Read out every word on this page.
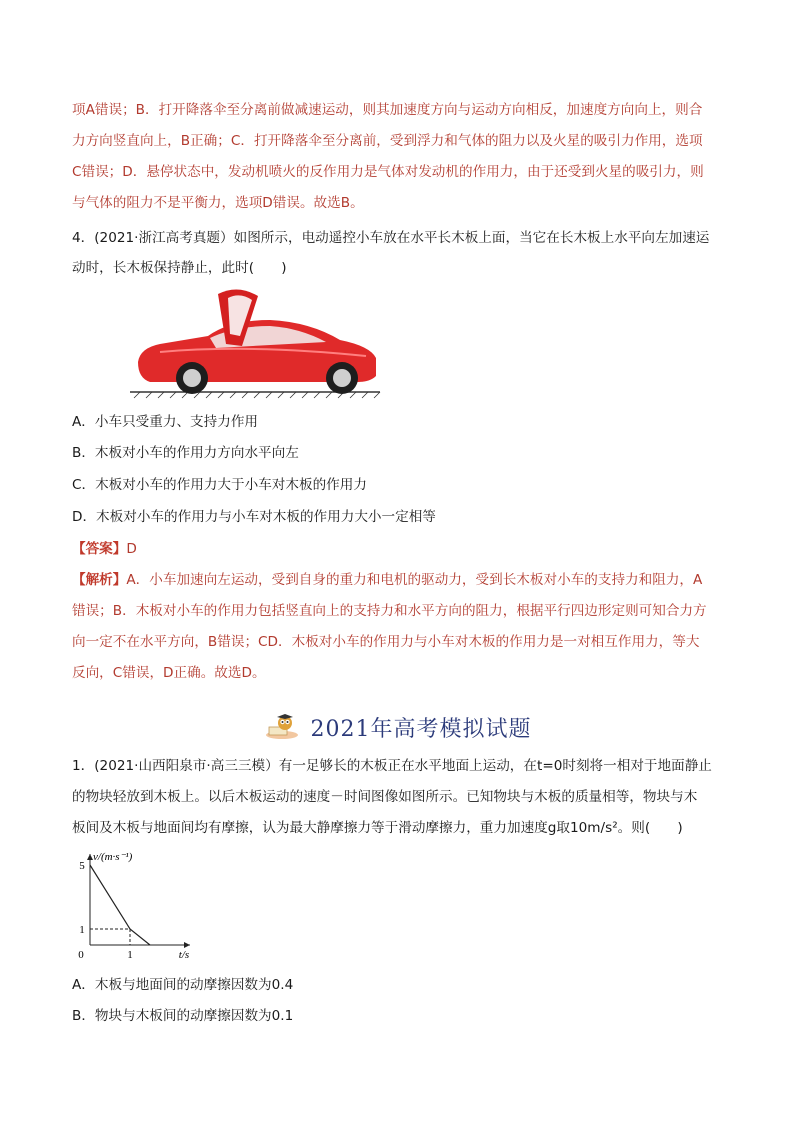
项A错误；B．打开降落伞至分离前做减速运动，则其加速度方向与运动方向相反，加速度方向向上，则合
力方向竖直向上，B正确；C．打开降落伞至分离前，受到浮力和气体的阻力以及火星的吸引力作用，选项
C错误；D．悬停状态中，发动机喷火的反作用力是气体对发动机的作用力，由于还受到火星的吸引力，则
与气体的阻力不是平衡力，选项D错误。故选B。
4．(2021·浙江高考真题）如图所示，电动遥控小车放在水平长木板上面，当它在长木板上水平向左加速运
动时，长木板保持静止，此时(　　)
A．小车只受重力、支持力作用
B．木板对小车的作用力方向水平向左
C．木板对小车的作用力大于小车对木板的作用力
D．木板对小车的作用力与小车对木板的作用力大小一定相等
【答案】D
【解析】A．小车加速向左运动，受到自身的重力和电机的驱动力，受到长木板对小车的支持力和阻力，A
错误；B．木板对小车的作用力包括竖直向上的支持力和水平方向的阻力，根据平行四边形定则可知合力方
向一定不在水平方向，B错误；CD．木板对小车的作用力与小车对木板的作用力是一对相互作用力，等大
反向，C错误，D正确。故选D。
2021年高考模拟试题
1．(2021·山西阳泉市·高三三模）有一足够长的木板正在水平地面上运动，在t=0时刻将一相对于地面静止
的物块轻放到木板上。以后木板运动的速度－时间图像如图所示。已知物块与木板的质量相等，物块与木
板间及木板与地面间均有摩擦，认为最大静摩擦力等于滑动摩擦力，重力加速度g取10m/s²。则(　　)
0	1
1
5
t/s
v/(m·s⁻¹)
A．木板与地面间的动摩擦因数为0.4
B．物块与木板间的动摩擦因数为0.1
